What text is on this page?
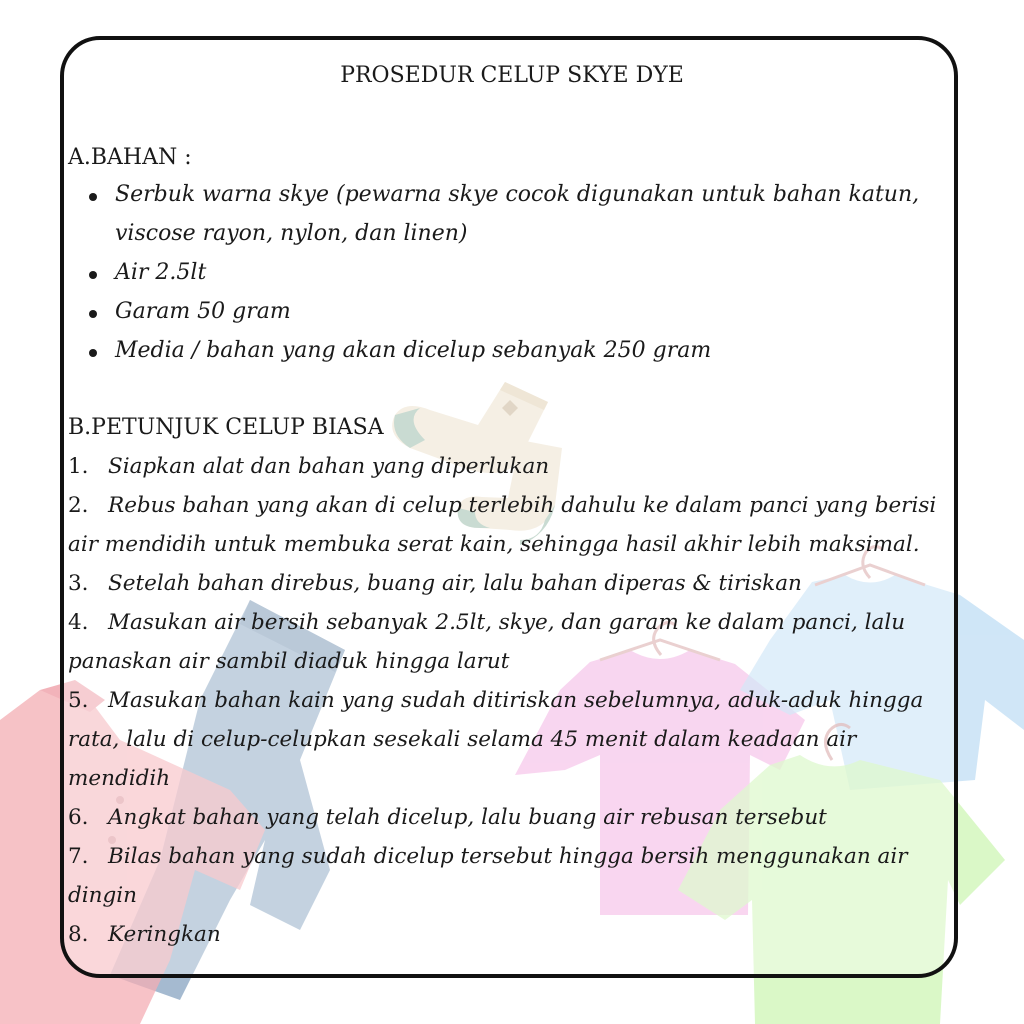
PROSEDUR CELUP SKYE DYE
A.BAHAN :
Serbuk warna skye (pewarna skye cocok digunakan untuk bahan katun,
viscose rayon, nylon, dan linen)
Air 2.5lt
Garam 50 gram
Media / bahan yang akan dicelup sebanyak 250 gram
B.PETUNJUK CELUP BIASA
1. Siapkan alat dan bahan yang diperlukan
2. Rebus bahan yang akan di celup terlebih dahulu ke dalam panci yang berisi
air mendidih untuk membuka serat kain, sehingga hasil akhir lebih maksimal.
3. Setelah bahan direbus, buang air, lalu bahan diperas & tiriskan
4. Masukan air bersih sebanyak 2.5lt, skye, dan garam ke dalam panci, lalu
panaskan air sambil diaduk hingga larut
5. Masukan bahan kain yang sudah ditiriskan sebelumnya, aduk-aduk hingga
rata, lalu di celup-celupkan sesekali selama 45 menit dalam keadaan air
mendidih
6. Angkat bahan yang telah dicelup, lalu buang air rebusan tersebut
7. Bilas bahan yang sudah dicelup tersebut hingga bersih menggunakan air
dingin
8. Keringkan
